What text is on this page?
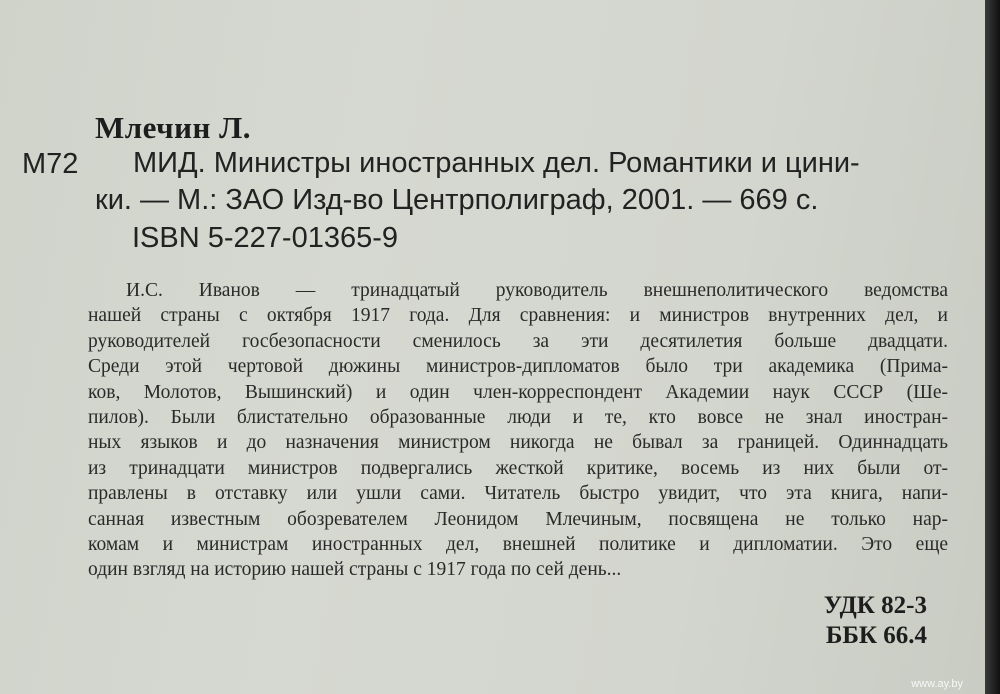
Млечин Л.
М72	МИД. Министры иностранных дел. Романтики и цини-
ки. — М.: ЗАО Изд-во Центрполиграф, 2001. — 669 с.
ISBN 5-227-01365-9
И.С. Иванов — тринадцатый руководитель внешнеполитического ведомства
нашей страны с октября 1917 года. Для сравнения: и министров внутренних дел, и
руководителей госбезопасности сменилось за эти десятилетия больше двадцати.
Среди этой чертовой дюжины министров-дипломатов было три академика (Прима-
ков, Молотов, Вышинский) и один член-корреспондент Академии наук СССР (Ше-
пилов). Были блистательно образованные люди и те, кто вовсе не знал иностран-
ных языков и до назначения министром никогда не бывал за границей. Одиннадцать
из тринадцати министров подвергались жесткой критике, восемь из них были от-
правлены в отставку или ушли сами. Читатель быстро увидит, что эта книга, напи-
санная известным обозревателем Леонидом Млечиным, посвящена не только нар-
комам и министрам иностранных дел, внешней политике и дипломатии. Это еще
один взгляд на историю нашей страны с 1917 года по сей день...
УДК 82-3
ББК 66.4
www.ay.by
